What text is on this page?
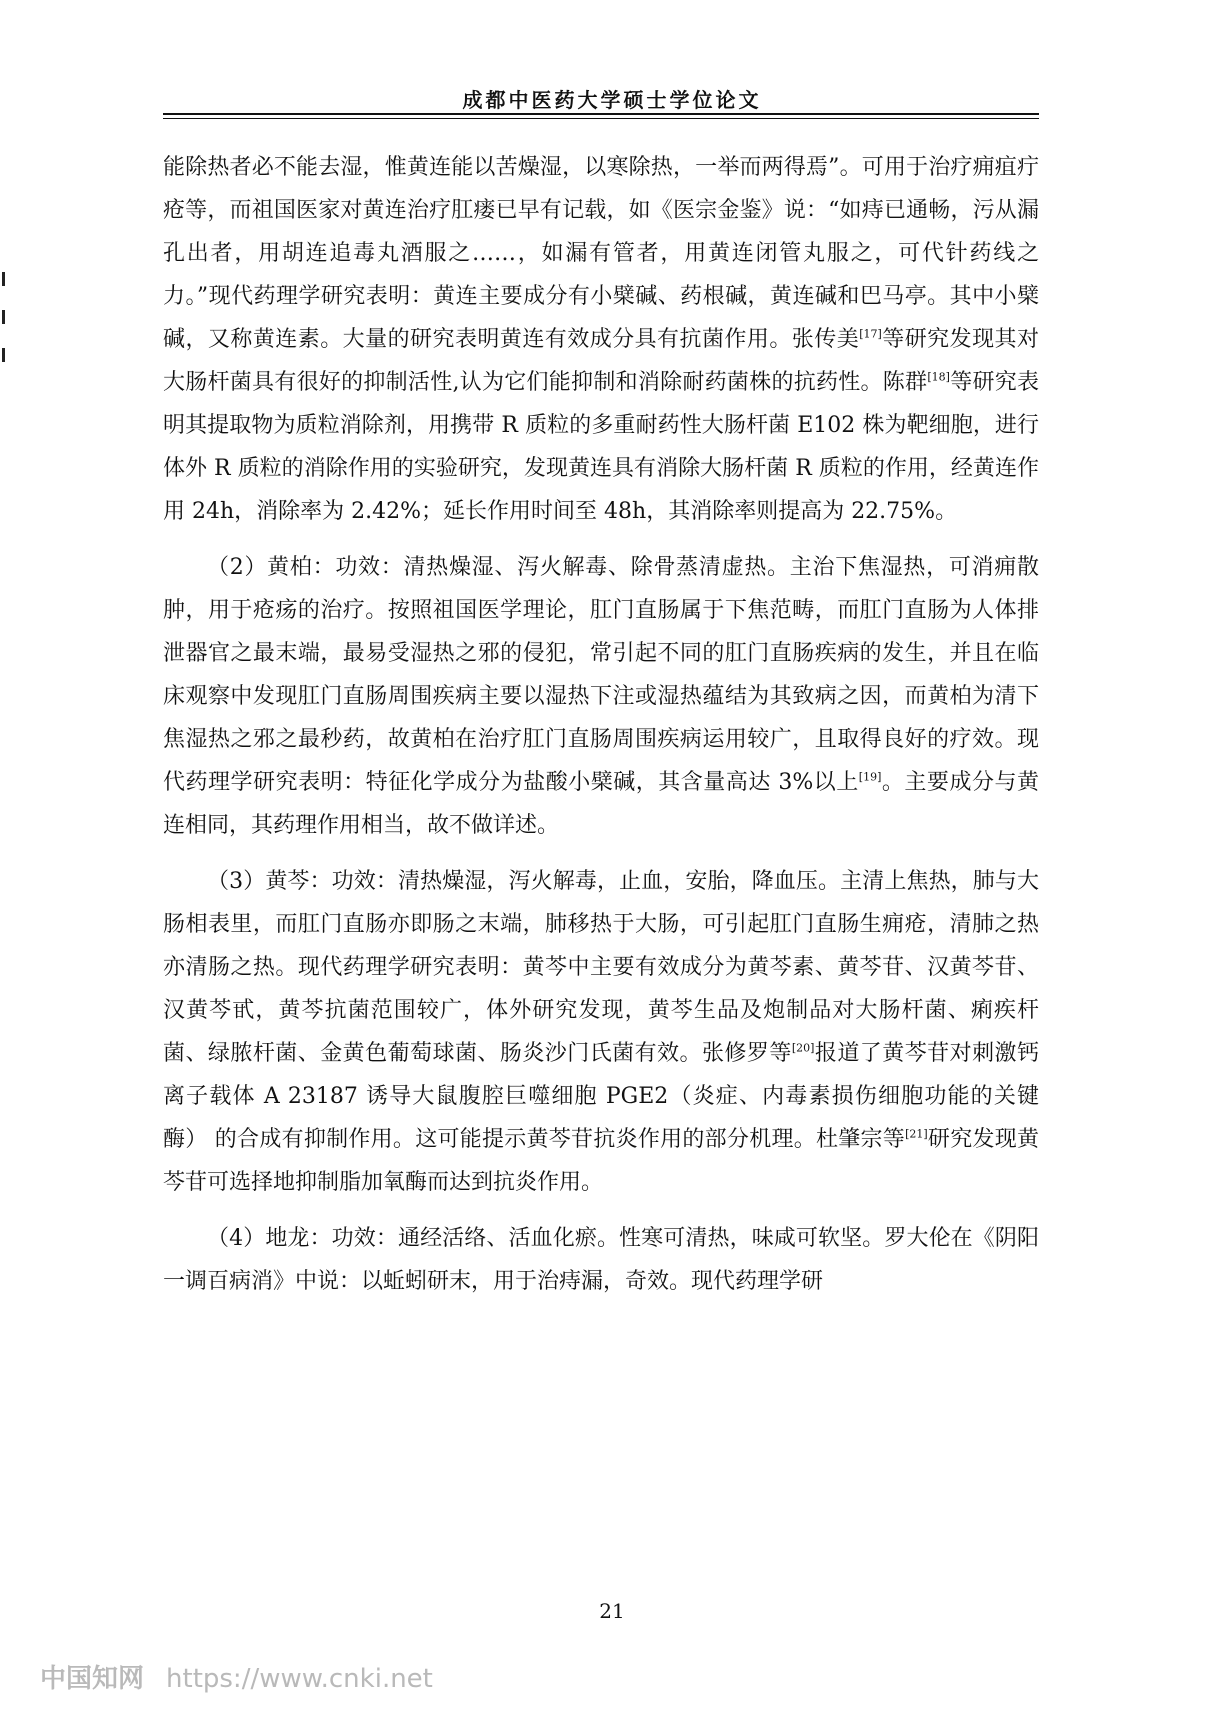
成都中医药大学硕士学位论文

能除热者必不能去湿，惟黄连能以苦燥湿，以寒除热，一举而两得焉”。可用于治疗痈疽疔疮等，而祖国医家对黄连治疗肛瘘已早有记载，如《医宗金鉴》说：“如痔已通畅，污从漏孔出者，用胡连追毒丸酒服之……，如漏有管者，用黄连闭管丸服之，可代针药线之力。”现代药理学研究表明：黄连主要成分有小檗碱、药根碱，黄连碱和巴马亭。其中小檗碱，又称黄连素。大量的研究表明黄连有效成分具有抗菌作用。张传美[17]等研究发现其对大肠杆菌具有很好的抑制活性,认为它们能抑制和消除耐药菌株的抗药性。陈群[18]等研究表明其提取物为质粒消除剂，用携带 R 质粒的多重耐药性大肠杆菌 E102 株为靶细胞，进行体外 R 质粒的消除作用的实验研究，发现黄连具有消除大肠杆菌 R 质粒的作用，经黄连作用 24h，消除率为 2.42%；延长作用时间至 48h，其消除率则提高为 22.75%。

（2）黄柏：功效：清热燥湿、泻火解毒、除骨蒸清虚热。主治下焦湿热，可消痈散肿，用于疮疡的治疗。按照祖国医学理论，肛门直肠属于下焦范畴，而肛门直肠为人体排泄器官之最末端，最易受湿热之邪的侵犯，常引起不同的肛门直肠疾病的发生，并且在临床观察中发现肛门直肠周围疾病主要以湿热下注或湿热蕴结为其致病之因，而黄柏为清下焦湿热之邪之最秒药，故黄柏在治疗肛门直肠周围疾病运用较广，且取得良好的疗效。现代药理学研究表明：特征化学成分为盐酸小檗碱，其含量高达 3%以上[19]。主要成分与黄连相同，其药理作用相当，故不做详述。

（3）黄芩：功效：清热燥湿，泻火解毒，止血，安胎，降血压。主清上焦热，肺与大肠相表里，而肛门直肠亦即肠之末端，肺移热于大肠，可引起肛门直肠生痈疮，清肺之热亦清肠之热。现代药理学研究表明：黄芩中主要有效成分为黄芩素、黄芩苷、汉黄芩苷、汉黄芩甙，黄芩抗菌范围较广，体外研究发现，黄芩生品及炮制品对大肠杆菌、痢疾杆菌、绿脓杆菌、金黄色葡萄球菌、肠炎沙门氏菌有效。张修罗等[20]报道了黄芩苷对刺激钙离子载体 A 23187 诱导大鼠腹腔巨噬细胞 PGE2（炎症、内毒素损伤细胞功能的关键酶） 的合成有抑制作用。这可能提示黄芩苷抗炎作用的部分机理。杜肇宗等[21]研究发现黄芩苷可选择地抑制脂加氧酶而达到抗炎作用。

（4）地龙：功效：通经活络、活血化瘀。性寒可清热，味咸可软坚。罗大伦在《阴阳一调百病消》中说：以蚯蚓研末，用于治痔漏，奇效。现代药理学研

21
中国知网 https://www.cnki.net
